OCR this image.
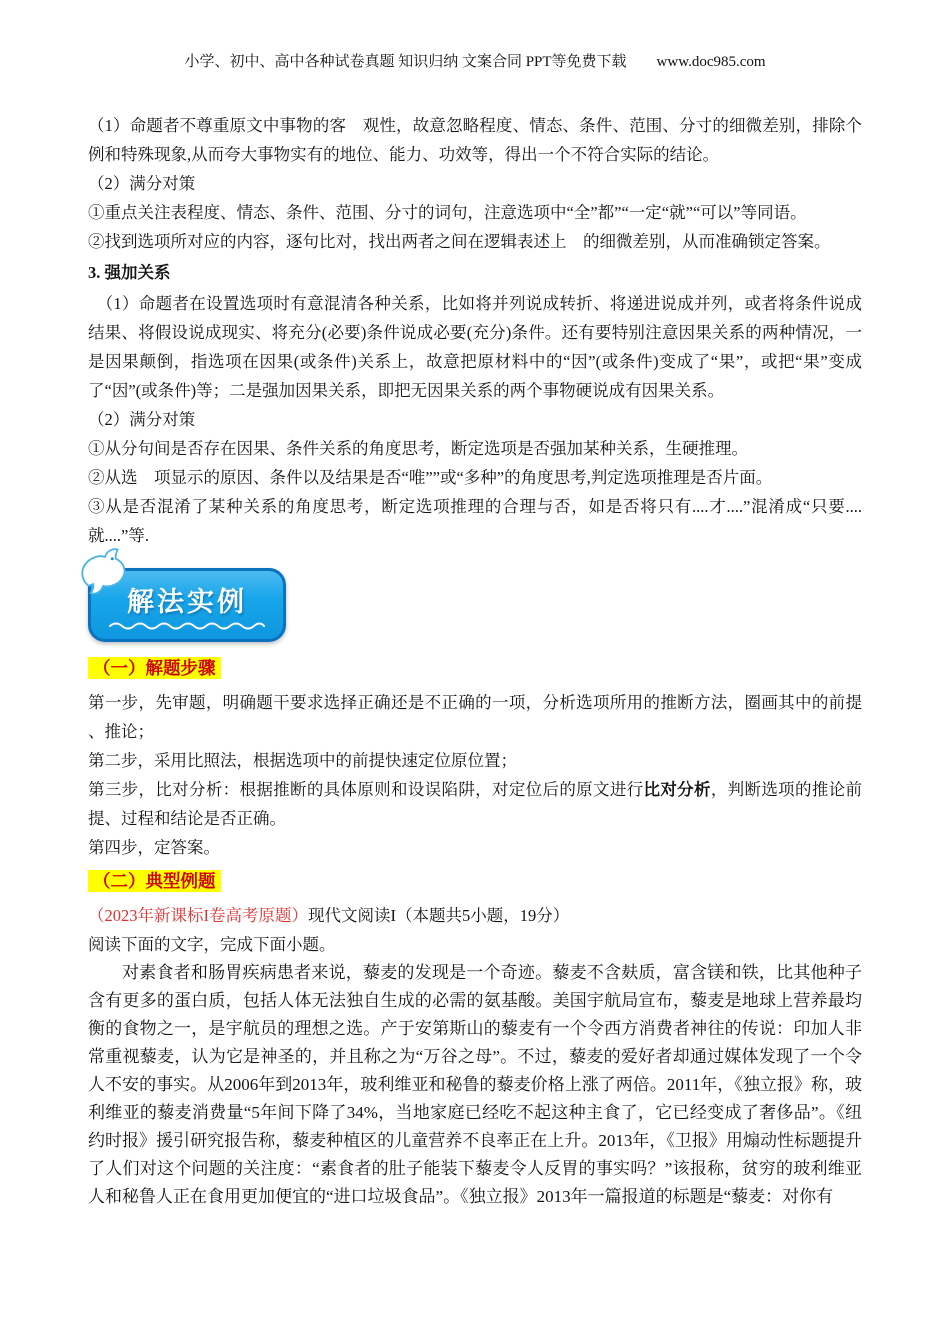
小学、初中、高中各种试卷真题 知识归纳 文案合同 PPT等免费下载 www.doc985.com
（1）命题者不尊重原文中事物的客　观性，故意忽略程度、情态、条件、范围、分寸的细微差别，排除个例和特殊现象,从而夸大事物实有的地位、能力、功效等，得出一个不符合实际的结论。
（2）满分对策
①重点关注表程度、情态、条件、范围、分寸的词句，注意选项中“全”都”“一定“就”“可以”等同语。
②找到选项所对应的内容，逐句比对，找出两者之间在逻辑表述上　的细微差别，从而准确锁定答案。
3. 强加关系
　（1）命题者在设置选项时有意混清各种关系，比如将并列说成转折、将递进说成并列，或者将条件说成结果、将假设说成现实、将充分(必要)条件说成必要(充分)条件。还有要特别注意因果关系的两种情况，一是因果颠倒，指选项在因果(或条件)关系上，故意把原材料中的“因”(或条件)变成了“果”，或把“果”变成了“因”(或条件)等；二是强加因果关系，即把无因果关系的两个事物硬说成有因果关系。
（2）满分对策
①从分句间是否存在因果、条件关系的角度思考，断定选项是否强加某种关系，生硬推理。
②从选　项显示的原因、条件以及结果是否“唯””或“多种”的角度思考,判定选项推理是否片面。
③从是否混淆了某种关系的角度思考，断定选项推理的合理与否，如是否将只有....才....”混淆成“只要....就....”等.
解法实例
（一）解题步骤
第一步，先审题，明确题干要求选择正确还是不正确的一项，分析选项所用的推断方法，圈画其中的前提 、推论；
第二步，采用比照法，根据选项中的前提快速定位原位置；
第三步，比对分析：根据推断的具体原则和设误陷阱，对定位后的原文进行比对分析，判断选项的推论前提、过程和结论是否正确。
第四步，定答案。
（二）典型例题
（2023年新课标I卷高考原题）现代文阅读I（本题共5小题，19分）
阅读下面的文字，完成下面小题。
对素食者和肠胃疾病患者来说，藜麦的发现是一个奇迹。藜麦不含麸质，富含镁和铁，比其他种子含有更多的蛋白质，包括人体无法独自生成的必需的氨基酸。美国宇航局宣布，藜麦是地球上营养最均衡的食物之一，是宇航员的理想之选。产于安第斯山的藜麦有一个令西方消费者神往的传说：印加人非常重视藜麦，认为它是神圣的，并且称之为“万谷之母”。不过，藜麦的爱好者却通过媒体发现了一个令人不安的事实。从2006年到2013年，玻利维亚和秘鲁的藜麦价格上涨了两倍。2011年，《独立报》称，玻利维亚的藜麦消费量“5年间下降了34%，当地家庭已经吃不起这种主食了，它已经变成了奢侈品”。《纽约时报》援引研究报告称，藜麦种植区的儿童营养不良率正在上升。2013年，《卫报》用煽动性标题提升了人们对这个问题的关注度：“素食者的肚子能装下藜麦令人反胃的事实吗？”该报称，贫穷的玻利维亚人和秘鲁人正在食用更加便宜的“进口垃圾食品”。《独立报》2013年一篇报道的标题是“藜麦：对你有
